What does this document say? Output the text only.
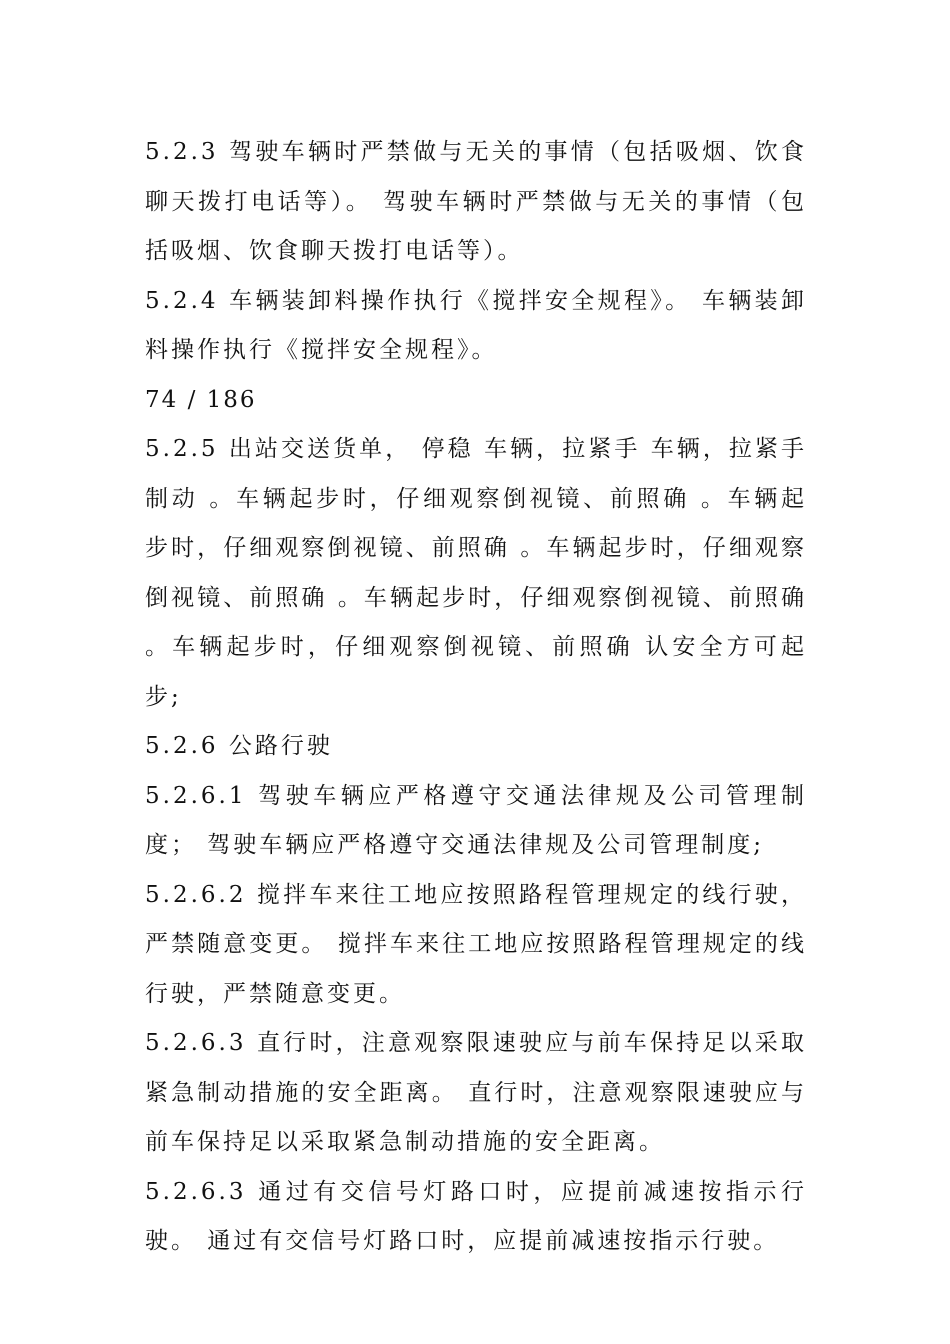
5.2.3 驾驶车辆时严禁做与无关的事情（包括吸烟、饮食聊天拨打电话等）。 驾驶车辆时严禁做与无关的事情（包括吸烟、饮食聊天拨打电话等）。

5.2.4 车辆装卸料操作执行《搅拌安全规程》。 车辆装卸料操作执行《搅拌安全规程》。

74 / 186

5.2.5 出站交送货单， 停稳 车辆，拉紧手 车辆，拉紧手 制动 。车辆起步时，仔细观察倒视镜、前照确 。车辆起步时，仔细观察倒视镜、前照确 。车辆起步时，仔细观察倒视镜、前照确 。车辆起步时，仔细观察倒视镜、前照确 。车辆起步时，仔细观察倒视镜、前照确 认安全方可起步;

5.2.6 公路行驶

5.2.6.1 驾驶车辆应严格遵守交通法律规及公司管理制度； 驾驶车辆应严格遵守交通法律规及公司管理制度;

5.2.6.2 搅拌车来往工地应按照路程管理规定的线行驶，严禁随意变更。 搅拌车来往工地应按照路程管理规定的线行驶，严禁随意变更。

5.2.6.3 直行时，注意观察限速驶应与前车保持足以采取紧急制动措施的安全距离。 直行时，注意观察限速驶应与前车保持足以采取紧急制动措施的安全距离。

5.2.6.3 通过有交信号灯路口时，应提前减速按指示行驶。 通过有交信号灯路口时，应提前减速按指示行驶。
